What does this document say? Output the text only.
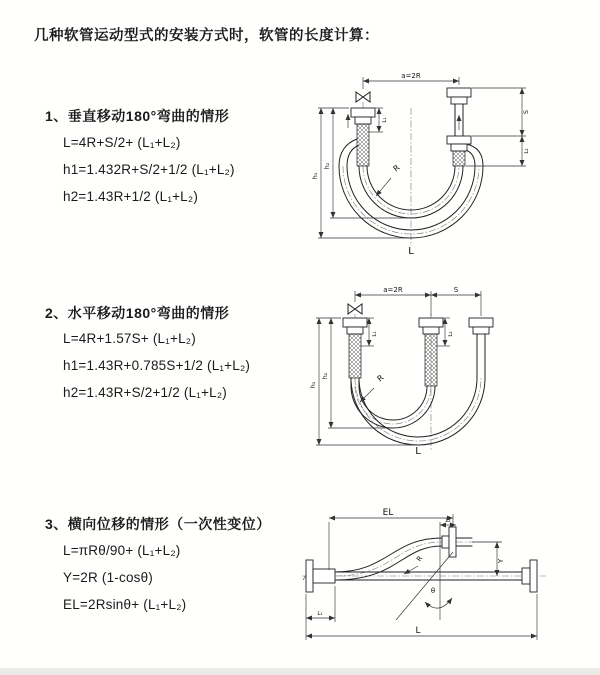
几种软管运动型式的安装方式时，软管的长度计算：
1、垂直移动180°弯曲的情形
L=4R+S/2+ (L₁+L₂)
h1=1.432R+S/2+1/2 (L₁+L₂)
h2=1.43R+1/2 (L₁+L₂)
a=2R
h₁
h₂
L₁
S
L₂
R
L
2、水平移动180°弯曲的情形
L=4R+1.57S+ (L₁+L₂)
h1=1.43R+0.785S+1/2 (L₁+L₂)
h2=1.43R+S/2+1/2 (L₁+L₂)
a=2R	S
h₁
h₂
L₁	L₂
R
L
3、横向位移的情形（一次性变位）
L=πRθ/90+ (L₁+L₂)
Y=2R (1-cosθ)
EL=2Rsinθ+ (L₁+L₂)
EL
L₂
Y
θ
R
L
L₁
